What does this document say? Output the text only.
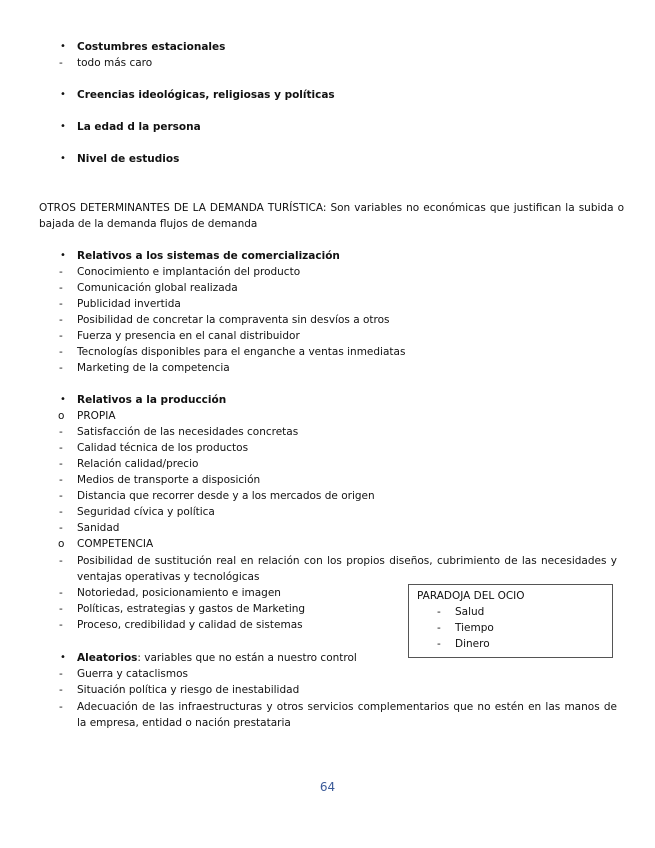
• Costumbres estacionales
- todo más caro
• Creencias ideológicas, religiosas y políticas
• La edad d la persona
• Nivel de estudios
OTROS DETERMINANTES DE LA DEMANDA TURÍSTICA: Son variables no económicas que justifican la subida o bajada de la demanda flujos de demanda
• Relativos a los sistemas de comercialización
- Conocimiento e implantación del producto
- Comunicación global realizada
- Publicidad invertida
- Posibilidad de concretar la compraventa sin desvíos a otros
- Fuerza y presencia en el canal distribuidor
- Tecnologías disponibles para el enganche a ventas inmediatas
- Marketing de la competencia
• Relativos a la producción
o PROPIA
- Satisfacción de las necesidades concretas
- Calidad técnica de los productos
- Relación calidad/precio
- Medios de transporte a disposición
- Distancia que recorrer desde y a los mercados de origen
- Seguridad cívica y política
- Sanidad
o COMPETENCIA
- Posibilidad de sustitución real en relación con los propios diseños, cubrimiento de las necesidades y ventajas operativas y tecnológicas
- Notoriedad, posicionamiento e imagen
- Políticas, estrategias y gastos de Marketing
- Proceso, credibilidad y calidad de sistemas
PARADOJA DEL OCIO
- Salud
- Tiempo
- Dinero
• Aleatorios: variables que no están a nuestro control
- Guerra y cataclismos
- Situación política y riesgo de inestabilidad
- Adecuación de las infraestructuras y otros servicios complementarios que no estén en las manos de la empresa, entidad o nación prestataria
64
